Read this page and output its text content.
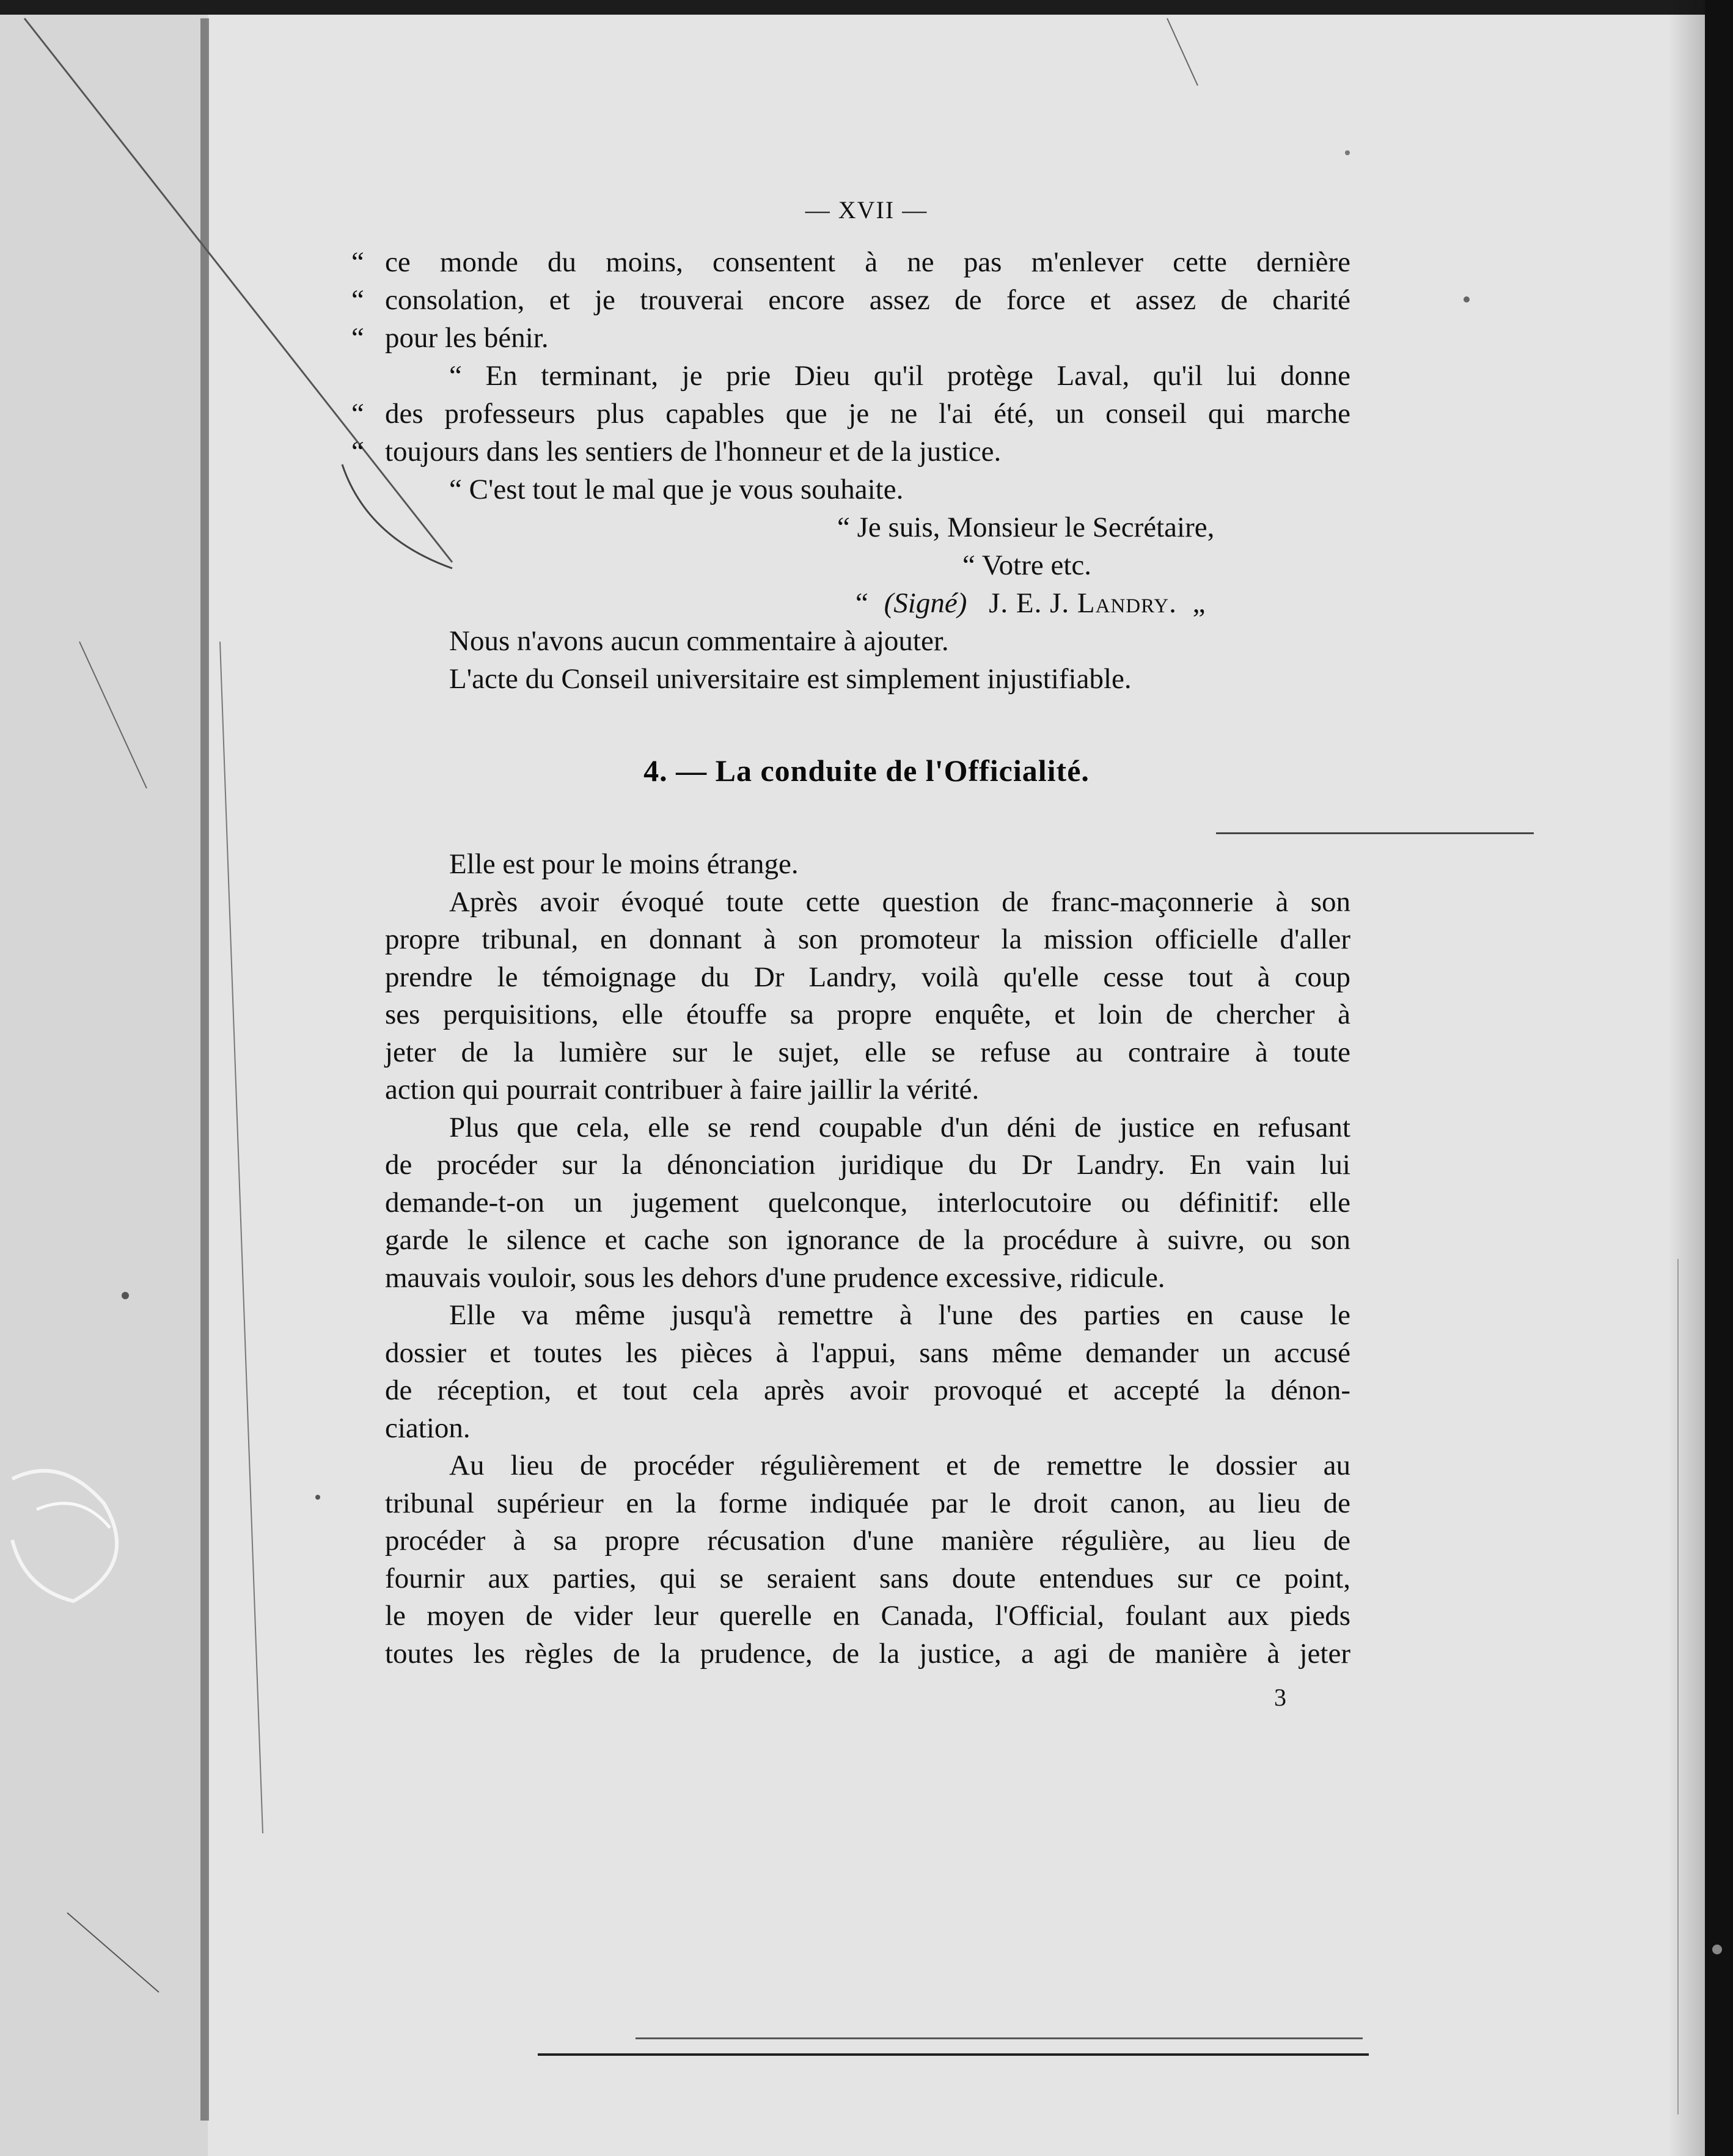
— XVII —
“ ce monde du moins, consentent à ne pas m'enlever cette dernière
“ consolation, et je trouverai encore assez de force et assez de charité
“ pour les bénir.
“ En terminant, je prie Dieu qu'il protège Laval, qu'il lui donne
“ des professeurs plus capables que je ne l'ai été, un conseil qui marche
“ toujours dans les sentiers de l'honneur et de la justice.
“ C'est tout le mal que je vous souhaite.
“ Je suis, Monsieur le Secrétaire,
“ Votre etc.
“ (Signé) J. E. J. Landry. „
Nous n'avons aucun commentaire à ajouter.
L'acte du Conseil universitaire est simplement injustifiable.
4. — La conduite de l'Officialité.
Elle est pour le moins étrange.
Après avoir évoqué toute cette question de franc-maçonnerie à son
propre tribunal, en donnant à son promoteur la mission officielle d'aller
prendre le témoignage du Dr Landry, voilà qu'elle cesse tout à coup
ses perquisitions, elle étouffe sa propre enquête, et loin de chercher à
jeter de la lumière sur le sujet, elle se refuse au contraire à toute
action qui pourrait contribuer à faire jaillir la vérité.
Plus que cela, elle se rend coupable d'un déni de justice en refusant
de procéder sur la dénonciation juridique du Dr Landry. En vain lui
demande-t-on un jugement quelconque, interlocutoire ou définitif: elle
garde le silence et cache son ignorance de la procédure à suivre, ou son
mauvais vouloir, sous les dehors d'une prudence excessive, ridicule.
Elle va même jusqu'à remettre à l'une des parties en cause le
dossier et toutes les pièces à l'appui, sans même demander un accusé
de réception, et tout cela après avoir provoqué et accepté la dénon-
ciation.
Au lieu de procéder régulièrement et de remettre le dossier au
tribunal supérieur en la forme indiquée par le droit canon, au lieu de
procéder à sa propre récusation d'une manière régulière, au lieu de
fournir aux parties, qui se seraient sans doute entendues sur ce point,
le moyen de vider leur querelle en Canada, l'Official, foulant aux pieds
toutes les règles de la prudence, de la justice, a agi de manière à jeter
3
